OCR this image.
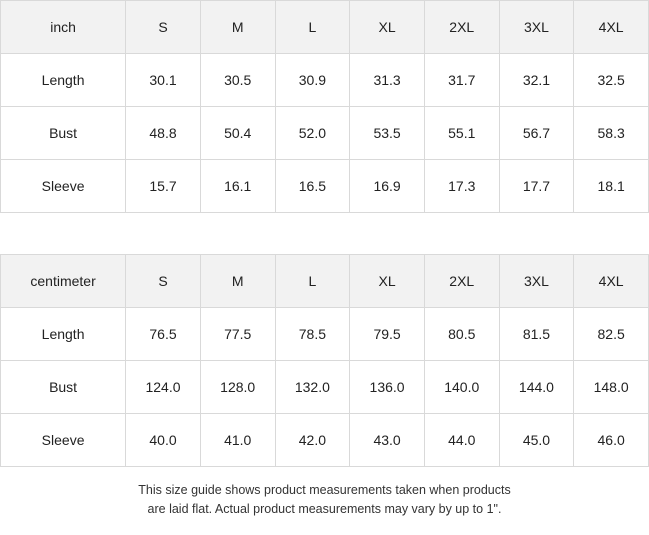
inch	S	M	L	XL	2XL	3XL	4XL
Length	30.1	30.5	30.9	31.3	31.7	32.1	32.5
Bust	48.8	50.4	52.0	53.5	55.1	56.7	58.3
Sleeve	15.7	16.1	16.5	16.9	17.3	17.7	18.1
centimeter	S	M	L	XL	2XL	3XL	4XL
Length	76.5	77.5	78.5	79.5	80.5	81.5	82.5
Bust	124.0	128.0	132.0	136.0	140.0	144.0	148.0
Sleeve	40.0	41.0	42.0	43.0	44.0	45.0	46.0
This size guide shows product measurements taken when products
are laid flat. Actual product measurements may vary by up to 1".
